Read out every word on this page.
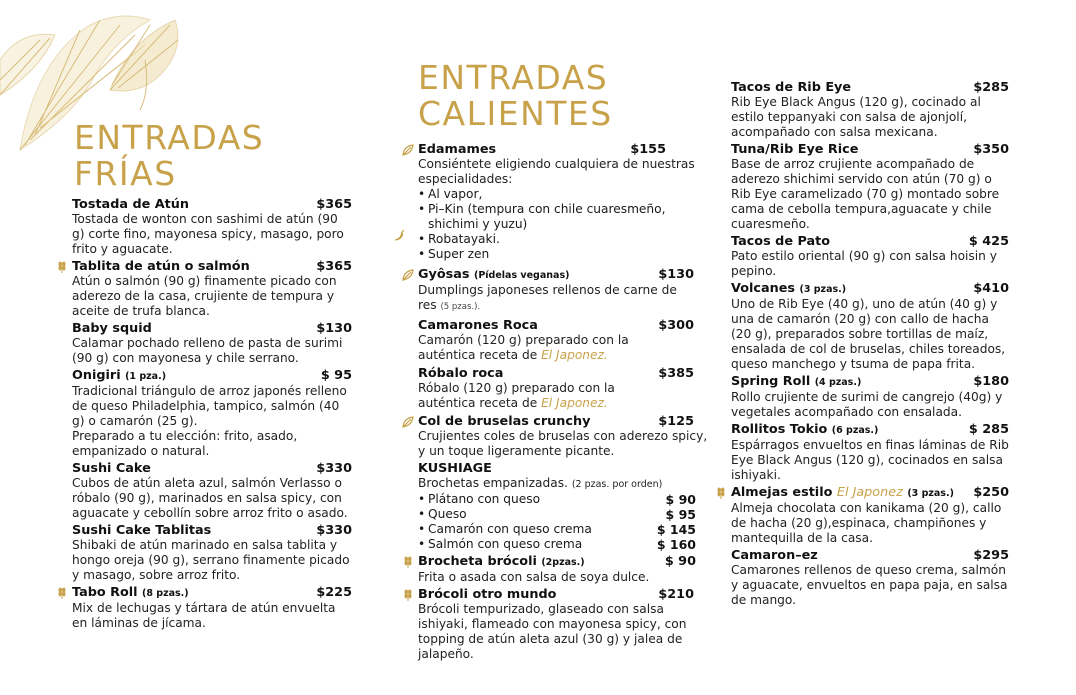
ENTRADAS
FRÍAS
ENTRADAS
CALIENTES
Tostada de Atún	$365
Tostada de wonton con sashimi de atún (90 g) corte fino, mayonesa spicy, masago, poro frito y aguacate.
Tablita de atún o salmón	$365
Atún o salmón (90 g) finamente picado con aderezo de la casa, crujiente de tempura y aceite de trufa blanca.
Baby squid	$130
Calamar pochado relleno de pasta de surimi (90 g) con mayonesa y chile serrano.
Onigiri (1 pza.)	$ 95
Tradicional triángulo de arroz japonés relleno de queso Philadelphia, tampico, salmón (40 g) o camarón (25 g).
Preparado a tu elección: frito, asado, empanizado o natural.
Sushi Cake	$330
Cubos de atún aleta azul, salmón Verlasso o róbalo (90 g), marinados en salsa spicy, con aguacate y cebollín sobre arroz frito o asado.
Sushi Cake Tablitas	$330
Shibaki de atún marinado en salsa tablita y hongo oreja (90 g), serrano finamente picado y masago, sobre arroz frito.
Tabo Roll (8 pzas.)	$225
Mix de lechugas y tártara de atún envuelta en láminas de jícama.
Edamames	$155
Consiéntete eligiendo cualquiera de nuestras especialidades:
• Al vapor,
• Pi–Kin (tempura con chile cuaresmeño, shichimi y yuzu)
• Robatayaki.
• Super zen
Gyôsas (Pídelas veganas)	$130
Dumplings japoneses rellenos de carne de res (5 pzas.).
Camarones Roca	$300
Camarón (120 g) preparado con la auténtica receta de El Japonez.
Róbalo roca	$385
Róbalo (120 g) preparado con la auténtica receta de El Japonez.
Col de bruselas crunchy	$125
Crujientes coles de bruselas con aderezo spicy, y un toque ligeramente picante.
KUSHIAGE
Brochetas empanizadas. (2 pzas. por orden)
• Plátano con queso	$ 90
• Queso	$ 95
• Camarón con queso crema	$ 145
• Salmón con queso crema	$ 160
Brocheta brócoli (2pzas.)	$ 90
Frita o asada con salsa de soya dulce.
Brócoli otro mundo	$210
Brócoli tempurizado, glaseado con salsa ishiyaki, flameado con mayonesa spicy, con topping de atún aleta azul (30 g) y jalea de jalapeño.
Tacos de Rib Eye	$285
Rib Eye Black Angus (120 g), cocinado al estilo teppanyaki con salsa de ajonjolí, acompañado con salsa mexicana.
Tuna/Rib Eye Rice	$350
Base de arroz crujiente acompañado de aderezo shichimi servido con atún (70 g) o Rib Eye caramelizado (70 g) montado sobre cama de cebolla tempura,aguacate y chile cuaresmeño.
Tacos de Pato	$ 425
Pato estilo oriental (90 g) con salsa hoisin y pepino.
Volcanes (3 pzas.)	$410
Uno de Rib Eye (40 g), uno de atún (40 g) y una de camarón (20 g) con callo de hacha (20 g), preparados sobre tortillas de maíz, ensalada de col de bruselas, chiles toreados, queso manchego y tsuma de papa frita.
Spring Roll (4 pzas.)	$180
Rollo crujiente de surimi de cangrejo (40g) y vegetales acompañado con ensalada.
Rollitos Tokio (6 pzas.)	$ 285
Espárragos envueltos en finas láminas de Rib Eye Black Angus (120 g), cocinados en salsa ishiyaki.
Almejas estilo El Japonez (3 pzas.) $250
Almeja chocolata con kanikama (20 g), callo de hacha (20 g),espinaca, champiñones y mantequilla de la casa.
Camaron–ez	$295
Camarones rellenos de queso crema, salmón y aguacate, envueltos en papa paja, en salsa de mango.
